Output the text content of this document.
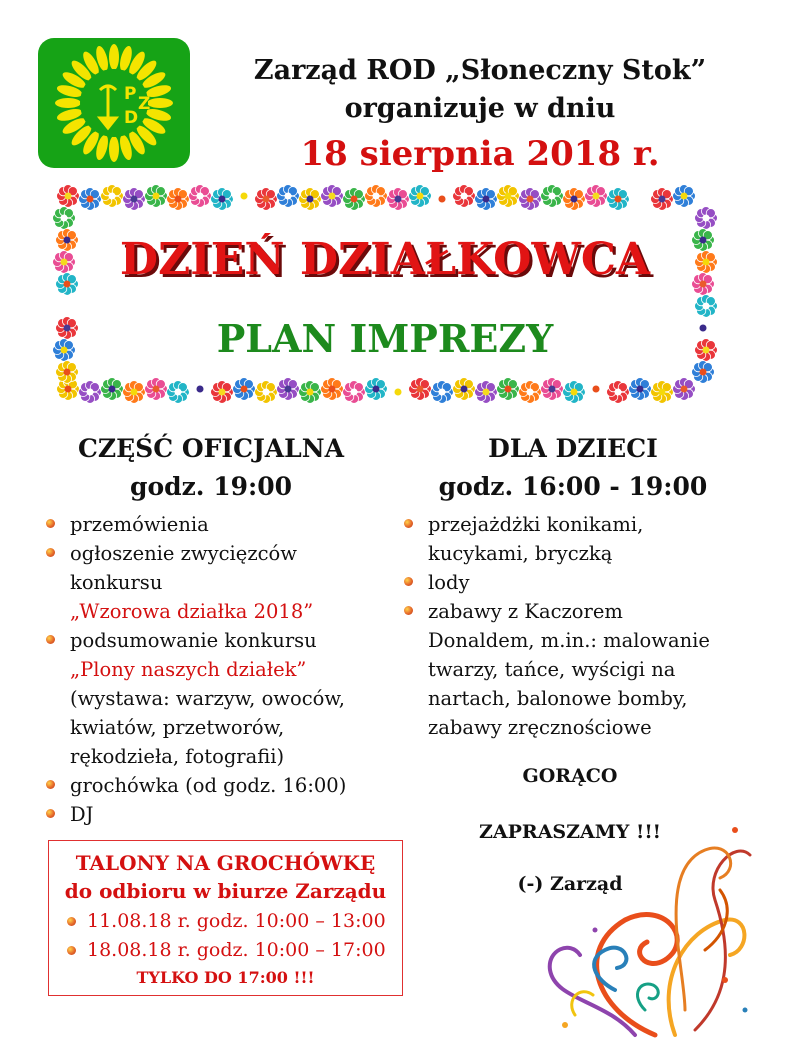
P Z
D
Zarząd ROD „Słoneczny Stok”
organizuje w dniu
18 sierpnia 2018 r.
DZIEŃ DZIAŁKOWCA
PLAN IMPREZY
CZĘŚĆ OFICJALNA
godz. 19:00
przemówienia
ogłoszenie zwycięzców
konkursu
„Wzorowa działka 2018”
podsumowanie konkursu
„Plony naszych działek”
(wystawa: warzyw, owoców,
kwiatów, przetworów,
rękodzieła, fotografii)
grochówka (od godz. 16:00)
DJ
DLA DZIECI
godz. 16:00 - 19:00
przejażdżki konikami,
kucykami, bryczką
lody
zabawy z Kaczorem
Donaldem, m.in.: malowanie
twarzy, tańce, wyścigi na
nartach, balonowe bomby,
zabawy zręcznościowe
GORĄCO
ZAPRASZAMY !!!
(-) Zarząd
TALONY NA GROCHÓWKĘ
do odbioru w biurze Zarządu
11.08.18 r. godz. 10:00 – 13:00
18.08.18 r. godz. 10:00 – 17:00
TYLKO DO 17:00 !!!
